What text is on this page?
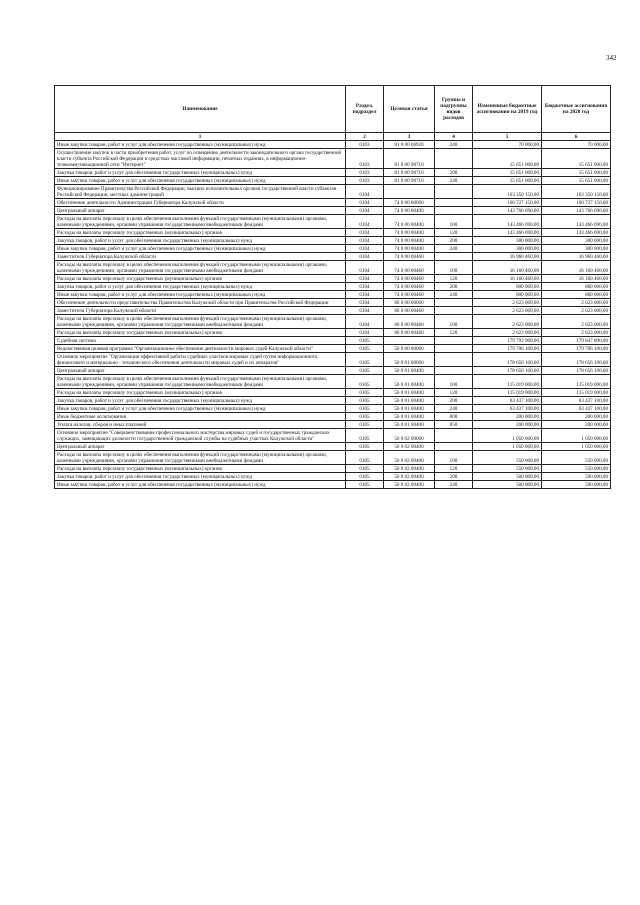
342
Наименование	Раздел, подраздел	Целевая статья	Группы и подгруппы видов расходов	Измененные бюджетные ассигнования на 2019 год	Бюджетные ассигнования на 2020 год
1	2	3	4	5	6
Иные закупки товаров, работ и услуг для обеспечения государственных (муниципальных) нужд	0103	81 0 00 00920	240	70 000,00	70 000,00
Осуществление закупок в части приобретения работ, услуг по освещению деятельности законодательного органа государственной власти субъекта Российской Федерации в средствах массовой информации, печатных изданиях, в информационно-телекоммуникационной сети "Интернет"	0103	81 0 00 98710		15 651 000,00	15 651 000,00
Закупка товаров, работ и услуг для обеспечения государственных (муниципальных) нужд	0103	81 0 00 98710	200	15 651 000,00	15 651 000,00
Иные закупки товаров, работ и услуг для обеспечения государственных (муниципальных) нужд	0103	81 0 00 98710	240	15 651 000,00	15 651 000,00
Функционирование Правительства Российской Федерации, высших исполнительных органов государственной власти субъектов Российской Федерации, местных администраций	0104			163 350 150,00	163 350 150,00
Обеспечение деятельности Администрации Губернатора Калужской области	0104	74 0 00 00000		160 727 150,00	160 727 150,00
Центральный аппарат	0104	74 0 00 00400		143 766 690,00	143 766 690,00
Расходы на выплаты персоналу в целях обеспечения выполнения функций государственными (муниципальными) органами, казенными учреждениями, органами управления государственными внебюджетными фондами	0104	74 0 00 00400	100	143 466 690,00	143 466 690,00
Расходы на выплаты персоналу государственных (муниципальных) органов	0104	74 0 00 00400	120	143 466 690,00	143 466 690,00
Закупка товаров, работ и услуг для обеспечения государственных (муниципальных) нужд	0104	74 0 00 00400	200	300 000,00	300 000,00
Иные закупки товаров, работ и услуг для обеспечения государственных (муниципальных) нужд	0104	74 0 00 00400	240	300 000,00	300 000,00
Заместители Губернатора Калужской области	0104	74 0 00 00460		16 960 460,00	16 960 460,00
Расходы на выплаты персоналу в целях обеспечения выполнения функций государственными (муниципальными) органами, казенными учреждениями, органами управления государственными внебюджетными фондами	0104	74 0 00 00460	100	16 160 460,00	16 160 460,00
Расходы на выплаты персоналу государственных (муниципальных) органов	0104	74 0 00 00460	120	16 160 460,00	16 160 460,00
Закупка товаров, работ и услуг для обеспечения государственных (муниципальных) нужд	0104	74 0 00 00460	200	800 000,00	800 000,00
Иные закупки товаров, работ и услуг для обеспечения государственных (муниципальных) нужд	0104	74 0 00 00460	240	800 000,00	800 000,00
Обеспечение деятельности представительства Правительства Калужской области при Правительстве Российской Федерации	0104	86 0 00 00000		2 623 000,00	2 623 000,00
Заместители Губернатора Калужской области	0104	86 0 00 00460		2 623 000,00	2 623 000,00
Расходы на выплаты персоналу в целях обеспечения выполнения функций государственными (муниципальными) органами, казенными учреждениями, органами управления государственными внебюджетными фондами	0104	86 0 00 00460	100	2 623 000,00	2 623 000,00
Расходы на выплаты персоналу государственных (муниципальных) органов	0104	86 0 00 00460	120	2 623 000,00	2 623 000,00
Судебная система	0105			179 793 900,00	179 847 800,00
Ведомственная целевая программа "Организационное обеспечение деятельности мировых судей Калужской области"	0105	56 0 00 00000		179 706 100,00	179 706 100,00
Основное мероприятие "Организация эффективной работы судебных участков мировых судей путем информационного, финансового и материально - технического обеспечения деятельности мировых судей и их аппаратов"	0105	56 0 01 00000		178 656 100,00	178 656 100,00
Центральный аппарат	0105	56 0 01 00400		178 656 100,00	178 656 100,00
Расходы на выплаты персоналу в целях обеспечения выполнения функций государственными (муниципальными) органами, казенными учреждениями, органами управления государственными внебюджетными фондами	0105	56 0 01 00400	100	115 019 000,00	115 019 000,00
Расходы на выплаты персоналу государственных (муниципальных) органов	0105	56 0 01 00400	120	115 019 000,00	115 019 000,00
Закупка товаров, работ и услуг для обеспечения государственных (муниципальных) нужд	0105	56 0 01 00400	200	63 437 100,00	63 437 100,00
Иные закупки товаров, работ и услуг для обеспечения государственных (муниципальных) нужд	0105	56 0 01 00400	240	63 437 100,00	63 437 100,00
Иные бюджетные ассигнования	0105	56 0 01 00400	800	200 000,00	200 000,00
Уплата налогов, сборов и иных платежей	0105	56 0 01 00400	850	200 000,00	200 000,00
Основное мероприятие "Совершенствование профессионального мастерства мировых судей и государственных гражданских служащих, замещающих должности государственной гражданской службы на судебных участках Калужской области"	0105	56 0 02 00000		1 050 000,00	1 050 000,00
Центральный аппарат	0105	56 0 02 00400		1 050 000,00	1 050 000,00
Расходы на выплаты персоналу в целях обеспечения выполнения функций государственными (муниципальными) органами, казенными учреждениями, органами управления государственными внебюджетными фондами	0105	56 0 02 00400	100	550 000,00	550 000,00
Расходы на выплаты персоналу государственных (муниципальных) органов	0105	56 0 02 00400	120	550 000,00	550 000,00
Закупка товаров, работ и услуг для обеспечения государственных (муниципальных) нужд	0105	56 0 02 00400	200	500 000,00	500 000,00
Иные закупки товаров, работ и услуг для обеспечения государственных (муниципальных) нужд	0105	56 0 02 00400	240	500 000,00	500 000,00
